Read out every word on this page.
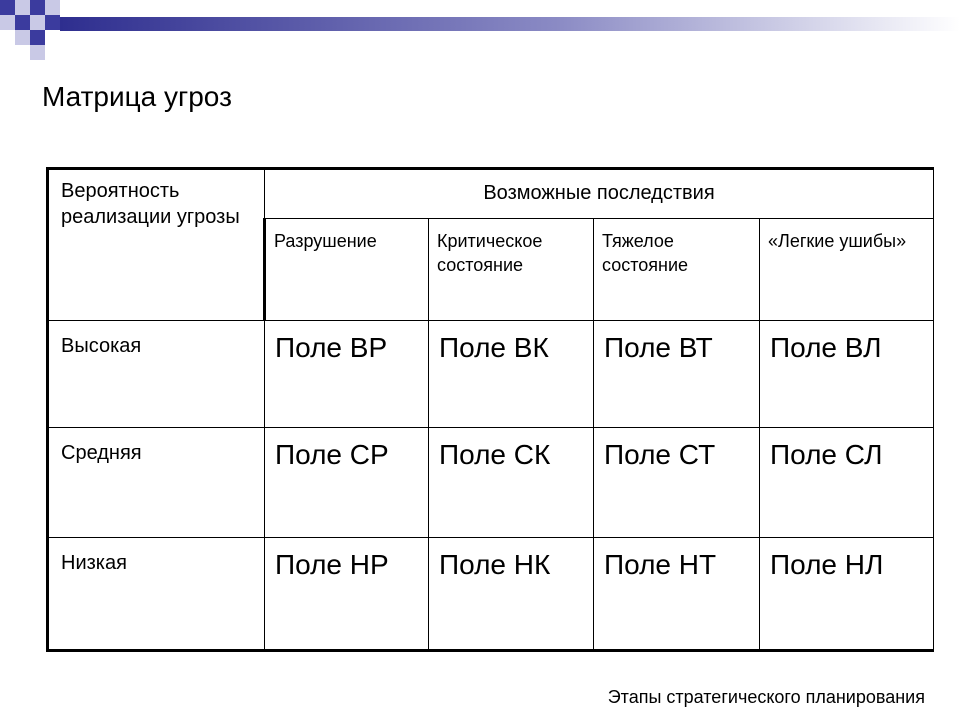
Матрица угроз
Вероятность реализации угрозы	Возможные последствия			

	Разрушение	Критическое состояние	Тяжелое состояние	«Легкие ушибы»

Высокая	Поле ВР	Поле ВК	Поле ВТ	Поле ВЛ

Средняя	Поле СР	Поле СК	Поле СТ	Поле СЛ

Низкая	Поле НР	Поле НК	Поле НТ	Поле НЛ
Этапы стратегического планирования
